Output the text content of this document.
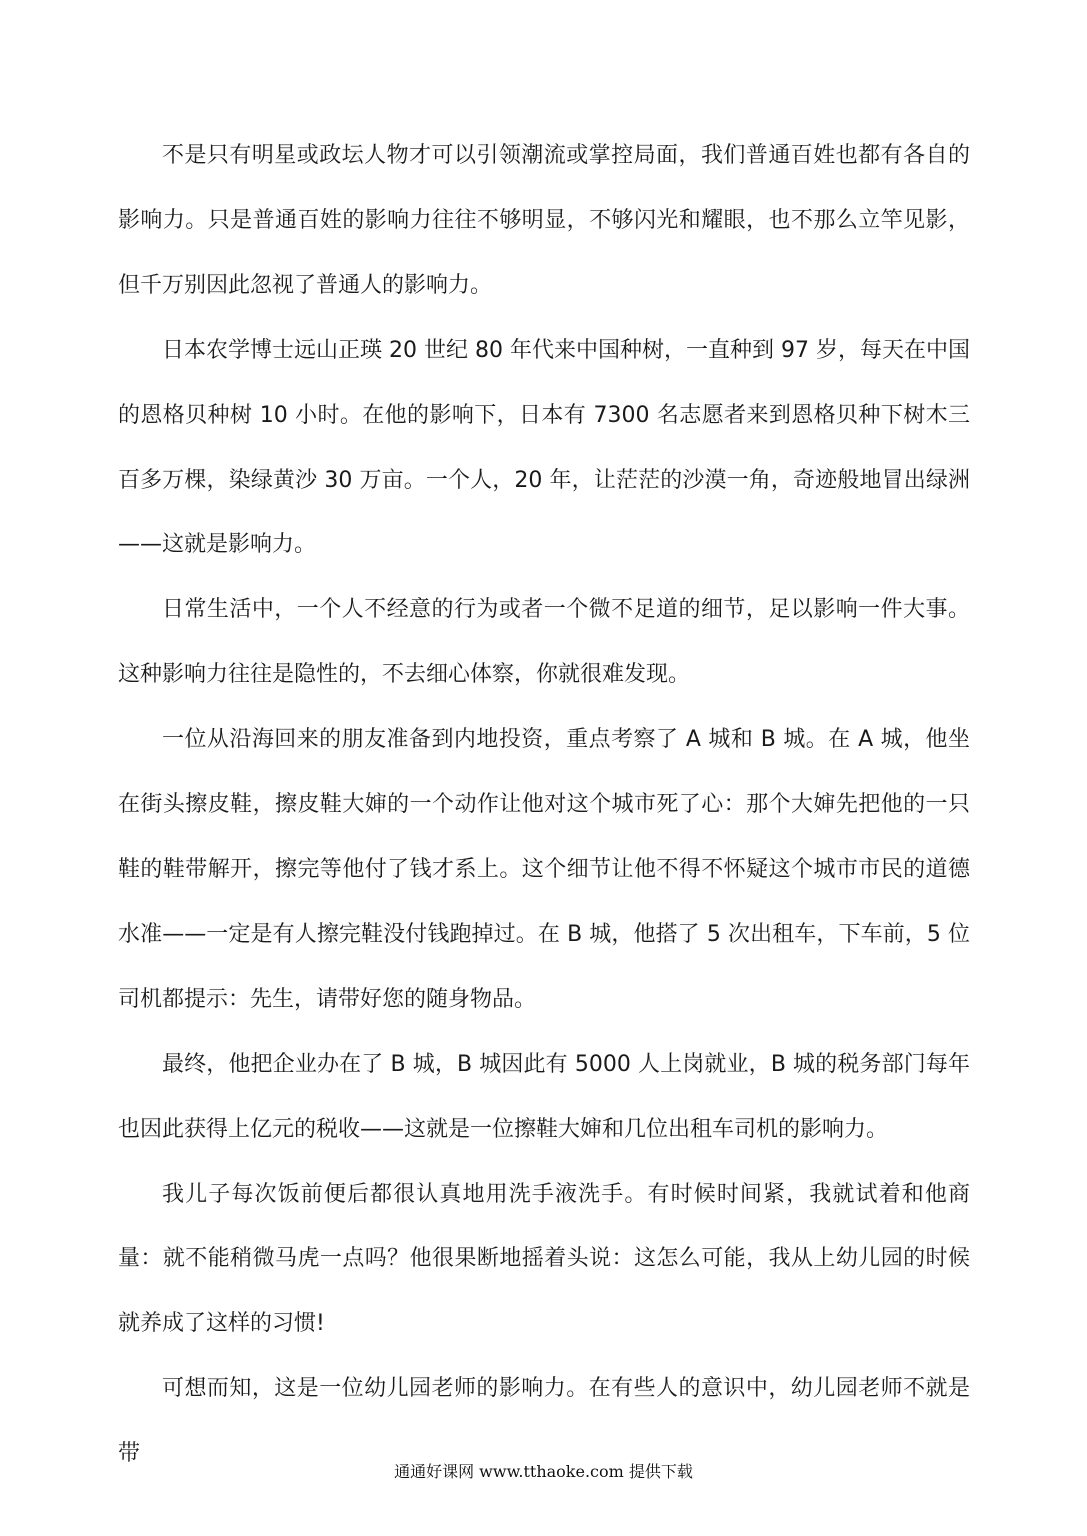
不是只有明星或政坛人物才可以引领潮流或掌控局面，我们普通百姓也都有各自的影响力。只是普通百姓的影响力往往不够明显，不够闪光和耀眼，也不那么立竿见影，但千万别因此忽视了普通人的影响力。

日本农学博士远山正瑛 20 世纪 80 年代来中国种树，一直种到 97 岁，每天在中国的恩格贝种树 10 小时。在他的影响下，日本有 7300 名志愿者来到恩格贝种下树木三百多万棵，染绿黄沙 30 万亩。一个人，20 年，让茫茫的沙漠一角，奇迹般地冒出绿洲——这就是影响力。

日常生活中，一个人不经意的行为或者一个微不足道的细节，足以影响一件大事。这种影响力往往是隐性的，不去细心体察，你就很难发现。

一位从沿海回来的朋友准备到内地投资，重点考察了 A 城和 B 城。在 A 城，他坐在街头擦皮鞋，擦皮鞋大婶的一个动作让他对这个城市死了心：那个大婶先把他的一只鞋的鞋带解开，擦完等他付了钱才系上。这个细节让他不得不怀疑这个城市市民的道德水准——一定是有人擦完鞋没付钱跑掉过。在 B 城，他搭了 5 次出租车，下车前，5 位司机都提示：先生，请带好您的随身物品。

最终，他把企业办在了 B 城，B 城因此有 5000 人上岗就业，B 城的税务部门每年也因此获得上亿元的税收——这就是一位擦鞋大婶和几位出租车司机的影响力。

我儿子每次饭前便后都很认真地用洗手液洗手。有时候时间紧，我就试着和他商量：就不能稍微马虎一点吗？他很果断地摇着头说：这怎么可能，我从上幼儿园的时候就养成了这样的习惯!

可想而知，这是一位幼儿园老师的影响力。在有些人的意识中，幼儿园老师不就是带

通通好课网 www.tthaoke.com 提供下载
